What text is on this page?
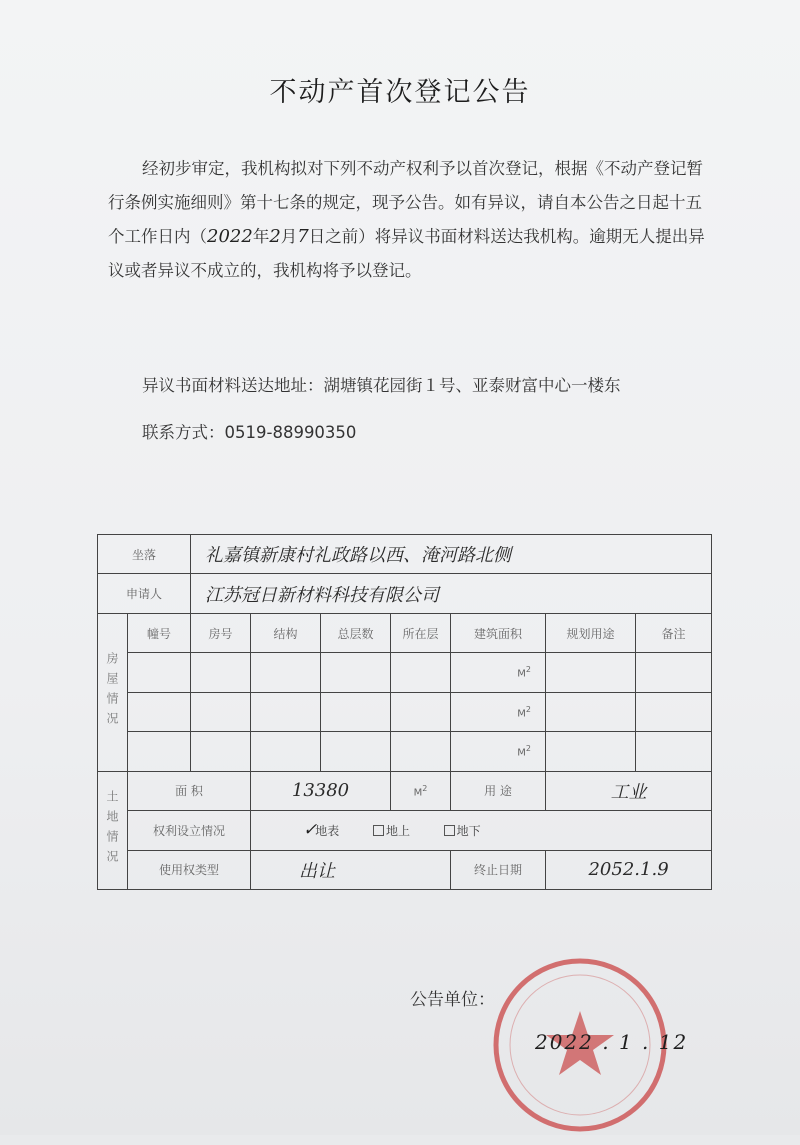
不动产首次登记公告
经初步审定，我机构拟对下列不动产权利予以首次登记，根据《不动产登记暂行条例实施细则》第十七条的规定，现予公告。如有异议，请自本公告之日起十五个工作日内（2022年2月7日之前）将异议书面材料送达我机构。逾期无人提出异议或者异议不成立的，我机构将予以登记。
异议书面材料送达地址：湖塘镇花园街１号、亚泰财富中心一楼东
联系方式：0519-88990350
坐落		礼嘉镇新康村礼政路以西、淹河路北侧						
申请人		江苏冠日新材料科技有限公司						
房屋情况	幢号	房号	结构	总层数	所在层	建筑面积	规划用途	备注
						$M^2$		
						$M^2$		
						$M^2$		
土地情况	面 积		13380		$M^2$	用 途	工业	
	权利设立情况		✓地表 地上 地下					
	使用权类型		出让			终止日期	2052.1.9	
公告单位：
2022 . 1 . 12
